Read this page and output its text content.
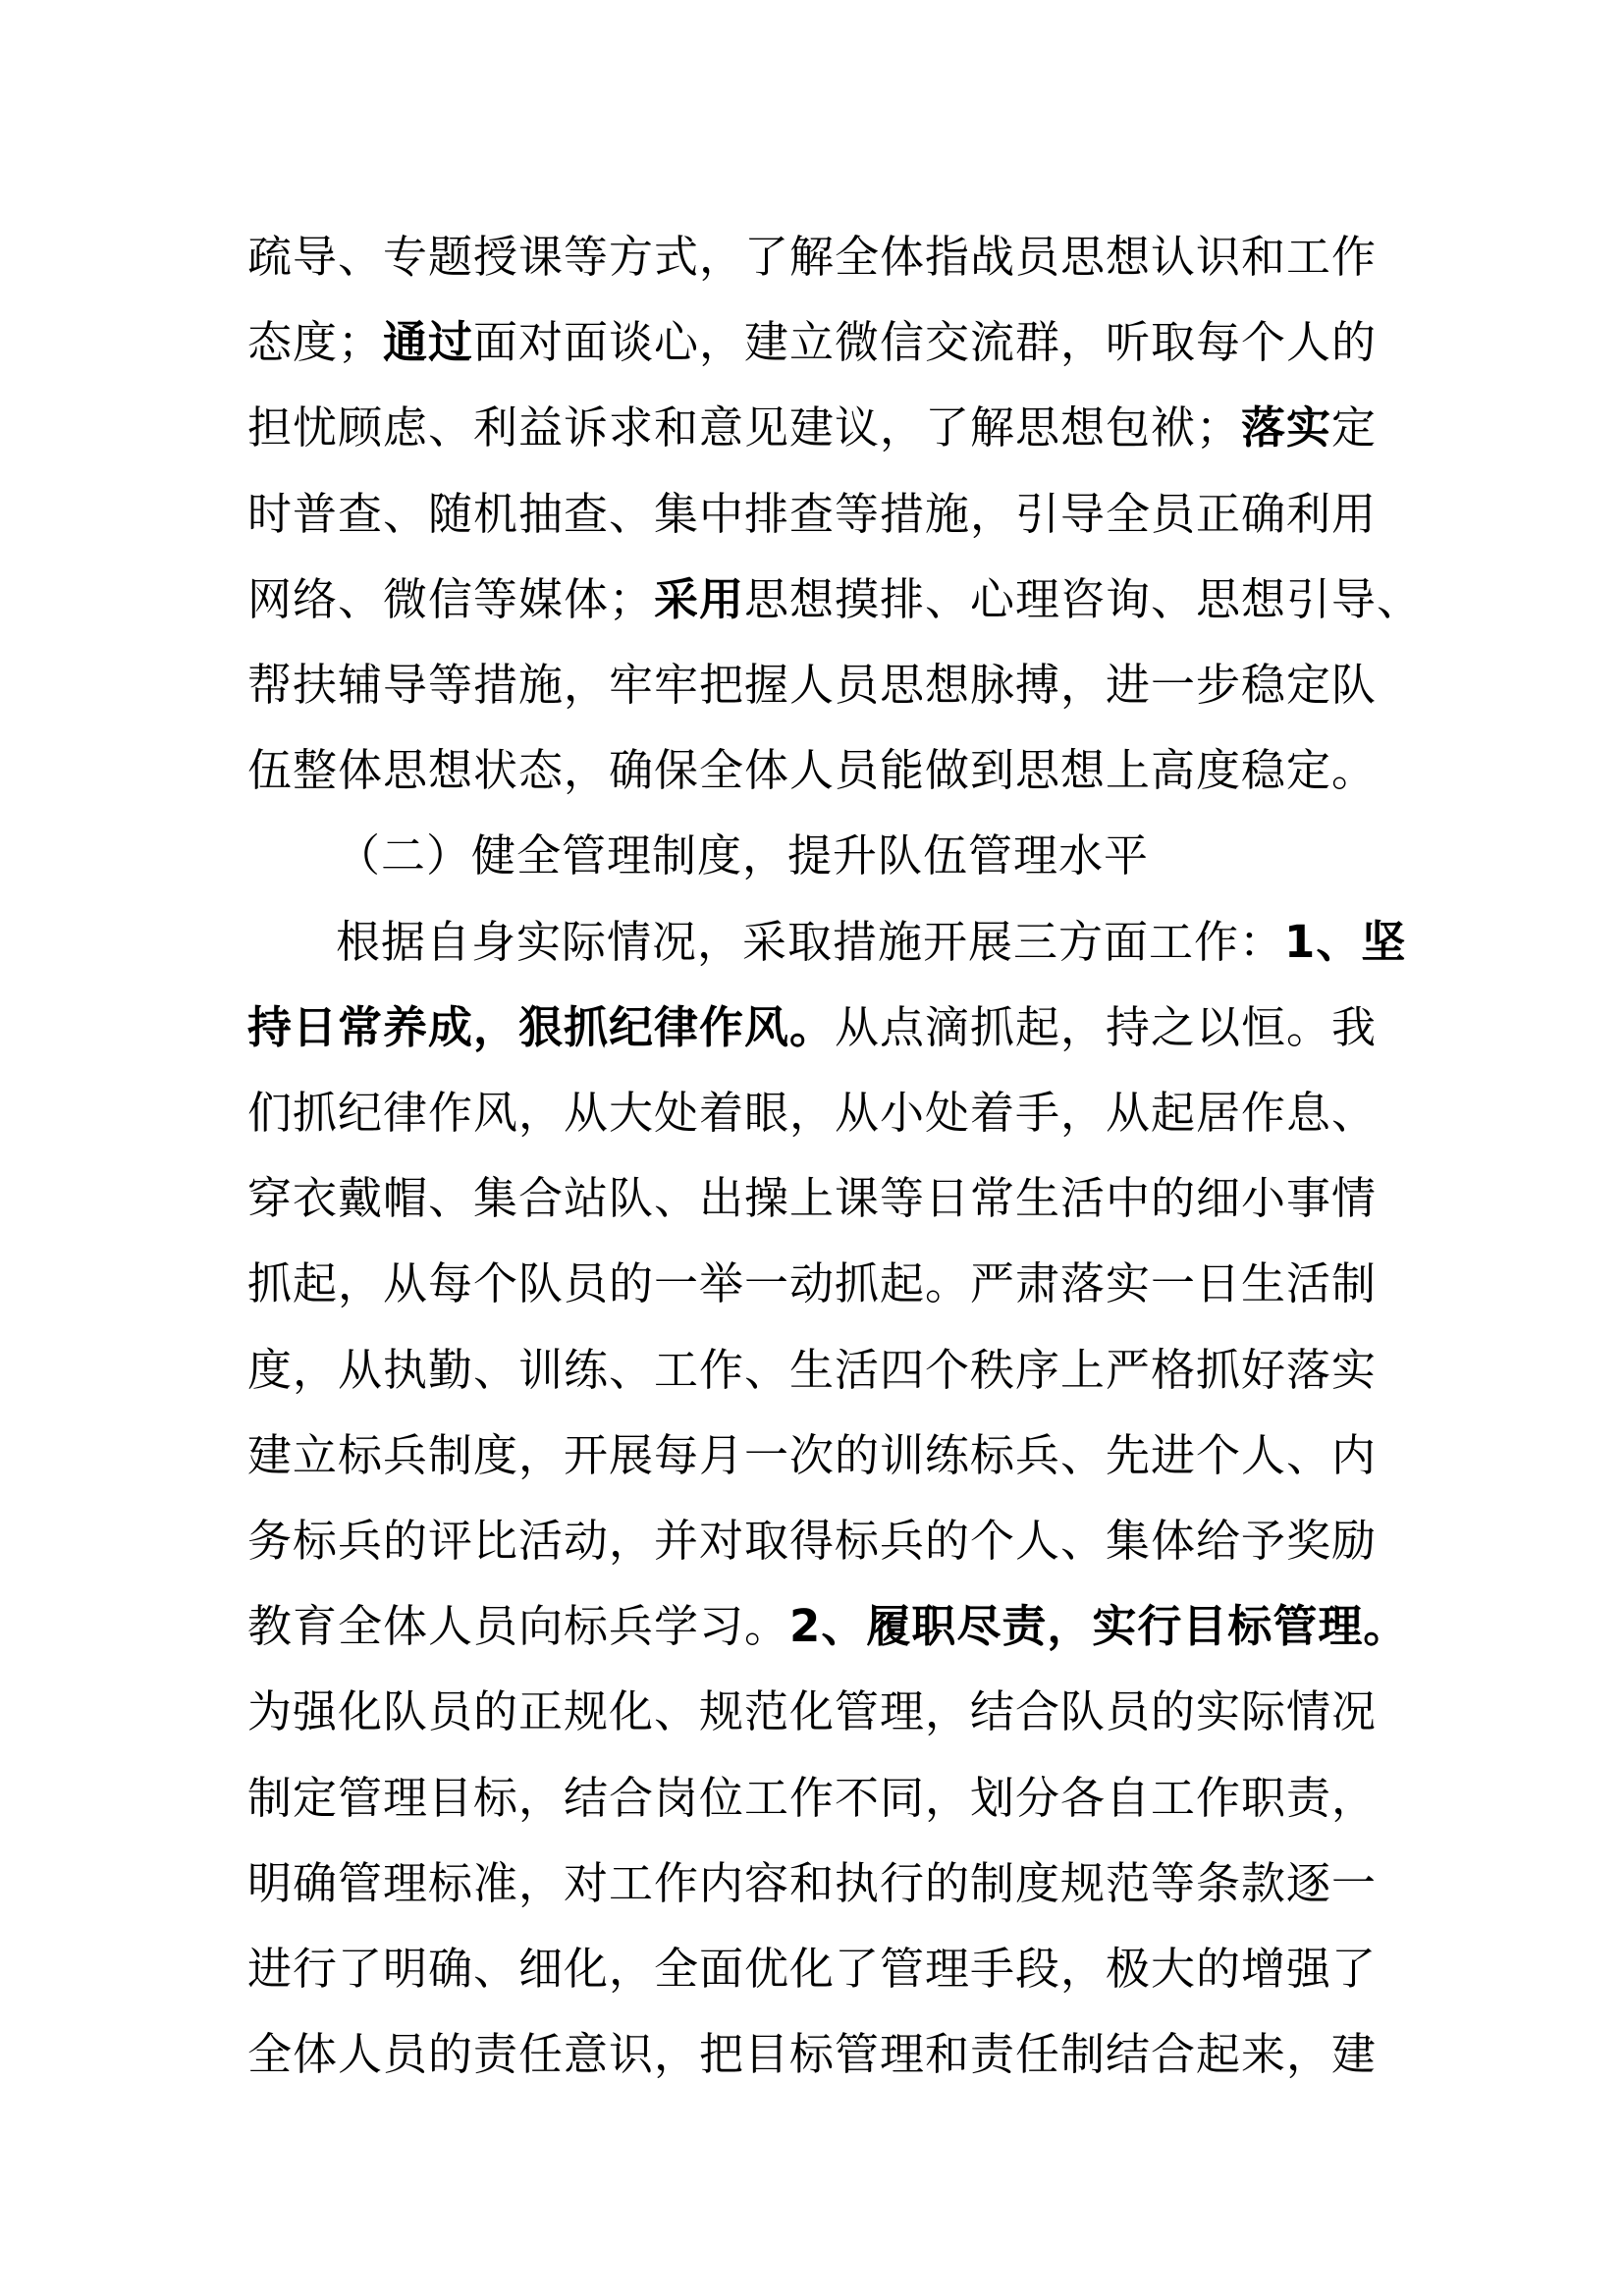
疏导、专题授课等方式，了解全体指战员思想认识和工作
态度；通过面对面谈心，建立微信交流群，听取每个人的
担忧顾虑、利益诉求和意见建议，了解思想包袱；落实定
时普查、随机抽查、集中排查等措施，引导全员正确利用
网络、微信等媒体；采用思想摸排、心理咨询、思想引导、
帮扶辅导等措施，牢牢把握人员思想脉搏，进一步稳定队
伍整体思想状态，确保全体人员能做到思想上高度稳定。
（二）健全管理制度，提升队伍管理水平
根据自身实际情况，采取措施开展三方面工作：1、坚
持日常养成，狠抓纪律作风。从点滴抓起，持之以恒。我
们抓纪律作风，从大处着眼，从小处着手，从起居作息、
穿衣戴帽、集合站队、出操上课等日常生活中的细小事情
抓起，从每个队员的一举一动抓起。严肃落实一日生活制
度，从执勤、训练、工作、生活四个秩序上严格抓好落实
建立标兵制度，开展每月一次的训练标兵、先进个人、内
务标兵的评比活动，并对取得标兵的个人、集体给予奖励
教育全体人员向标兵学习。2、履职尽责，实行目标管理。
为强化队员的正规化、规范化管理，结合队员的实际情况
制定管理目标，结合岗位工作不同，划分各自工作职责，
明确管理标准，对工作内容和执行的制度规范等条款逐一
进行了明确、细化，全面优化了管理手段，极大的增强了
全体人员的责任意识，把目标管理和责任制结合起来，建
